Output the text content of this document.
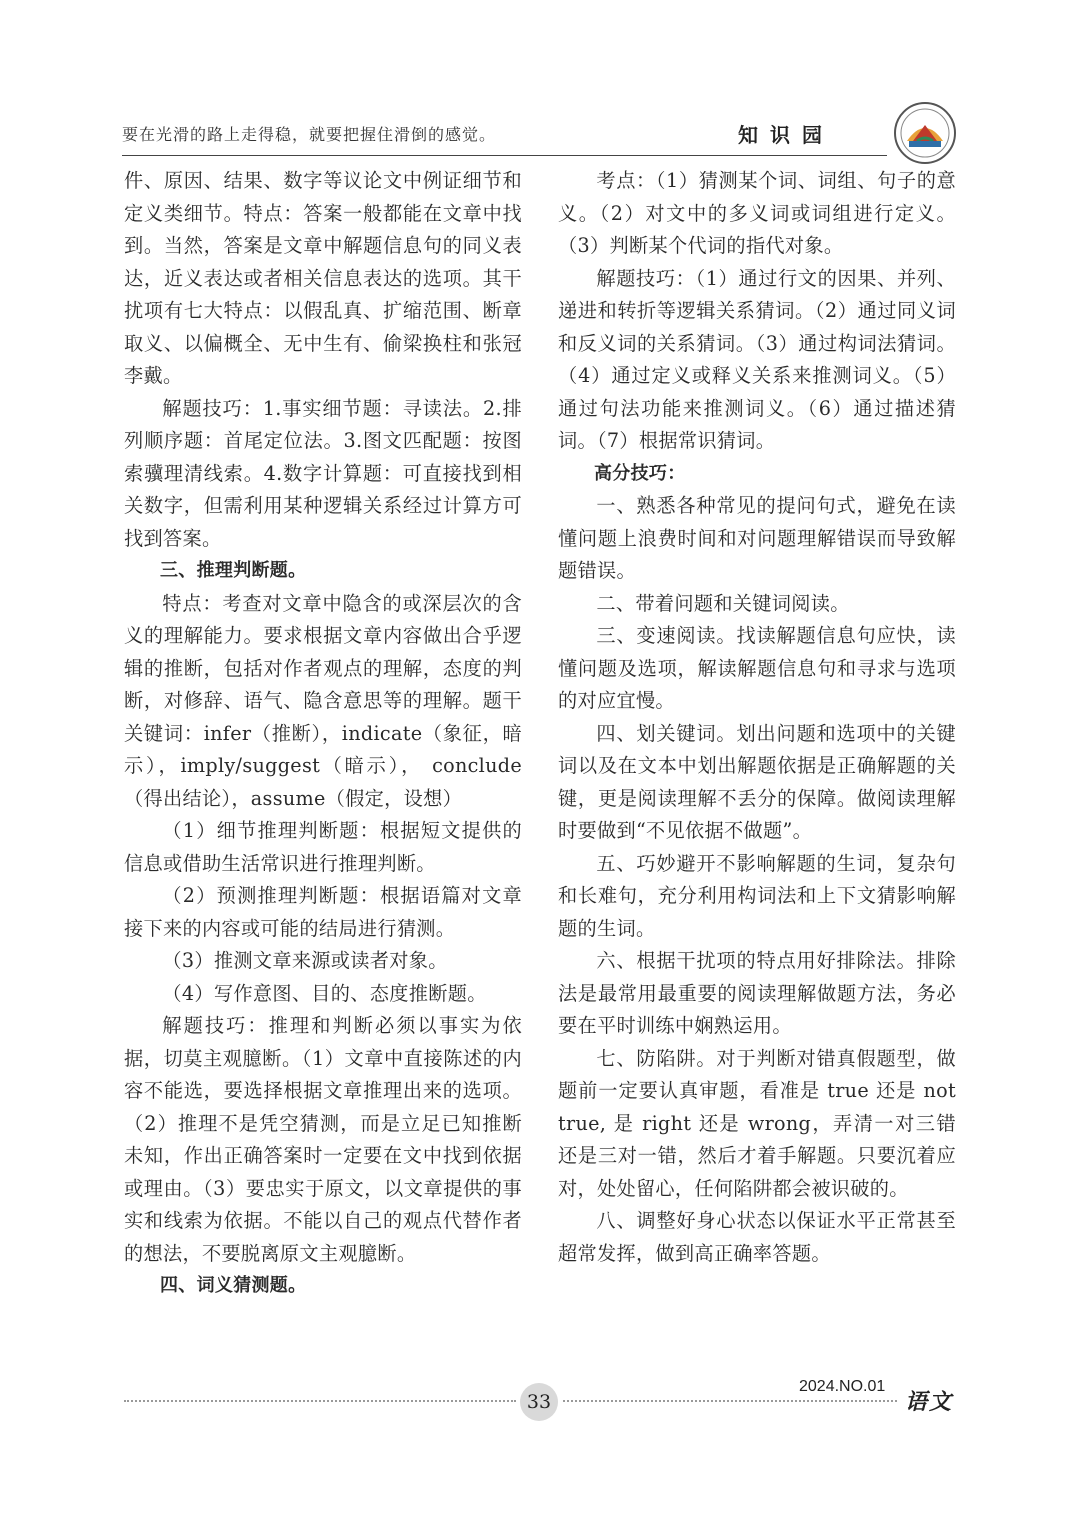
要在光滑的路上走得稳，就要把握住滑倒的感觉。	知识园

件、原因、结果、数字等议论文中例证细节和定义类细节。特点：答案一般都能在文章中找到。当然，答案是文章中解题信息句的同义表达，近义表达或者相关信息表达的选项。其干扰项有七大特点：以假乱真、扩缩范围、断章取义、以偏概全、无中生有、偷梁换柱和张冠李戴。

解题技巧：1.事实细节题：寻读法。2.排列顺序题：首尾定位法。3.图文匹配题：按图索骥理清线索。4.数字计算题：可直接找到相关数字，但需利用某种逻辑关系经过计算方可找到答案。

三、推理判断题。

特点：考查对文章中隐含的或深层次的含义的理解能力。要求根据文章内容做出合乎逻辑的推断，包括对作者观点的理解，态度的判断，对修辞、语气、隐含意思等的理解。题干关键词：infer（推断），indicate（象征，暗示），imply/suggest（暗示）， conclude（得出结论），assume（假定，设想）

（1）细节推理判断题：根据短文提供的信息或借助生活常识进行推理判断。

（2）预测推理判断题：根据语篇对文章接下来的内容或可能的结局进行猜测。

（3）推测文章来源或读者对象。

（4）写作意图、目的、态度推断题。

解题技巧：推理和判断必须以事实为依据，切莫主观臆断。（1）文章中直接陈述的内容不能选，要选择根据文章推理出来的选项。（2）推理不是凭空猜测，而是立足已知推断未知，作出正确答案时一定要在文中找到依据或理由。（3）要忠实于原文，以文章提供的事实和线索为依据。不能以自己的观点代替作者的想法，不要脱离原文主观臆断。

四、词义猜测题。

考点：（1）猜测某个词、词组、句子的意义。（2）对文中的多义词或词组进行定义。（3）判断某个代词的指代对象。

解题技巧：（1）通过行文的因果、并列、递进和转折等逻辑关系猜词。（2）通过同义词和反义词的关系猜词。（3）通过构词法猜词。（4）通过定义或释义关系来推测词义。（5）通过句法功能来推测词义。（6）通过描述猜词。（7）根据常识猜词。

高分技巧：

一、熟悉各种常见的提问句式，避免在读懂问题上浪费时间和对问题理解错误而导致解题错误。

二、带着问题和关键词阅读。

三、变速阅读。找读解题信息句应快，读懂问题及选项，解读解题信息句和寻求与选项的对应宜慢。

四、划关键词。划出问题和选项中的关键词以及在文本中划出解题依据是正确解题的关键，更是阅读理解不丢分的保障。做阅读理解时要做到“不见依据不做题”。

五、巧妙避开不影响解题的生词，复杂句和长难句，充分利用构词法和上下文猜影响解题的生词。

六、根据干扰项的特点用好排除法。排除法是最常用最重要的阅读理解做题方法，务必要在平时训练中娴熟运用。

七、防陷阱。对于判断对错真假题型，做题前一定要认真审题，看准是 true 还是 not true, 是 right 还是 wrong，弄清一对三错还是三对一错，然后才着手解题。只要沉着应对，处处留心，任何陷阱都会被识破的。

八、调整好身心状态以保证水平正常甚至超常发挥，做到高正确率答题。

33
2024.NO.01
语文
